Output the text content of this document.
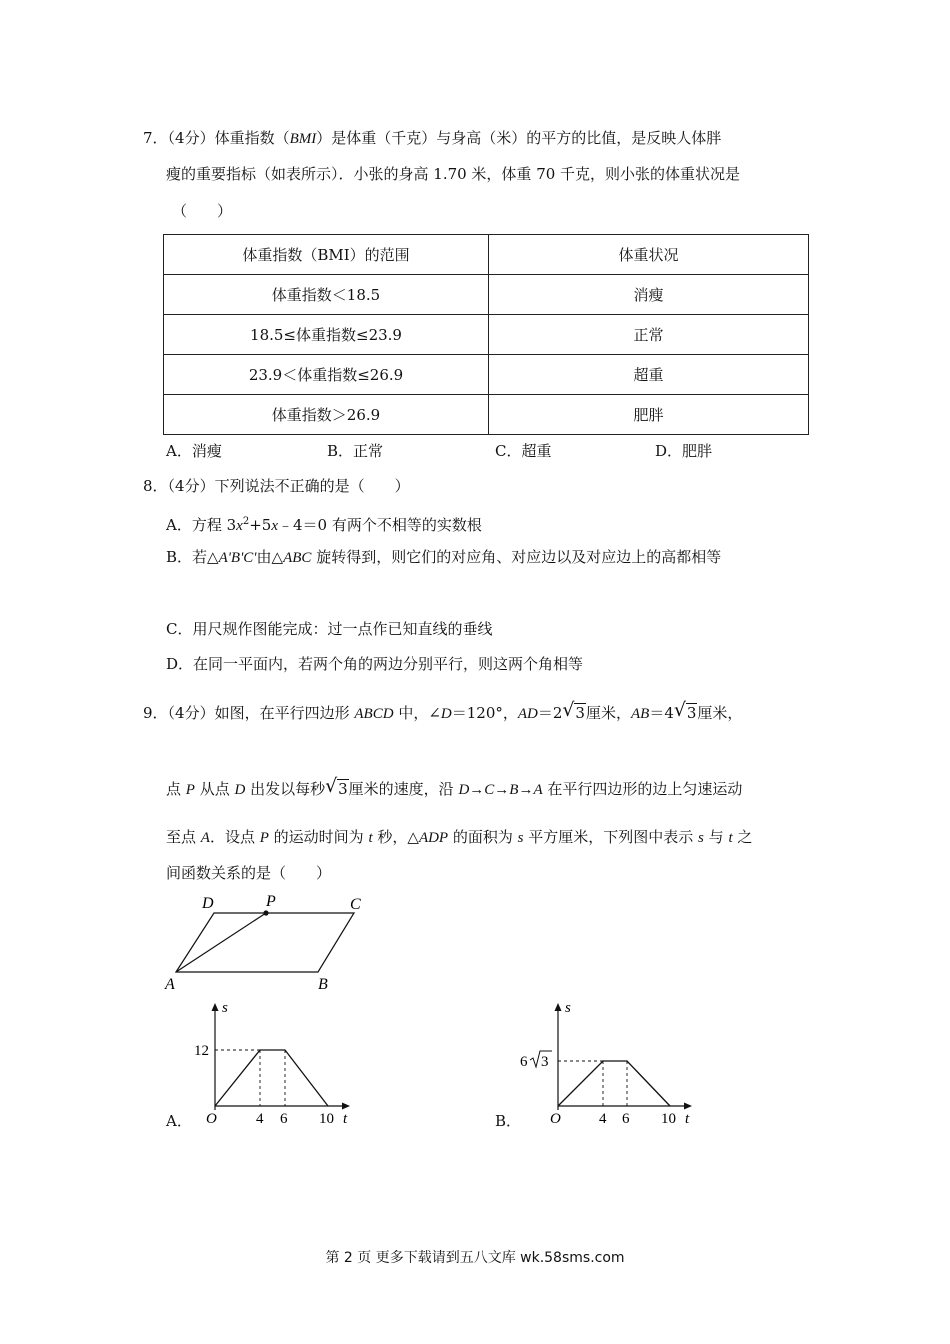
7．（4分）体重指数（BMI）是体重（千克）与身高（米）的平方的比值，是反映人体胖
瘦的重要指标（如表所示）．小张的身高 1.70 米，体重 70 千克，则小张的体重状况是
（　　）
体重指数（BMI）的范围	体重状况
体重指数＜18.5	消瘦
18.5≤体重指数≤23.9	正常
23.9＜体重指数≤26.9	超重
体重指数＞26.9	肥胖
A．消瘦	B．正常	C．超重	D．肥胖
8．（4分）下列说法不正确的是（　　）
A．方程 $3x^2+5x﹣4=0$ 有两个不相等的实数根
B．若△A'B'C'由△ABC 旋转得到，则它们的对应角、对应边以及对应边上的高都相等
C．用尺规作图能完成：过一点作已知直线的垂线
D．在同一平面内，若两个角的两边分别平行，则这两个角相等
9．（4分）如图，在平行四边形 ABCD 中，∠D＝120°，AD＝2 √ 3厘米，AB＝4 √ 3厘米，
点 P 从点 D 出发以每秒 √ 3厘米的速度，沿 D→C→B→A 在平行四边形的边上匀速运动
至点 A．设点 P 的运动时间为 t 秒，△ADP 的面积为 s 平方厘米，下列图中表示 s 与 t 之
间函数关系的是（　　）
D	P	C
A	B
A．
s
t
O
12
4 6 10	B．
s
t
O
6 3
4 6 10
第 2 页 更多下载请到五八文库 wk.58sms.com
